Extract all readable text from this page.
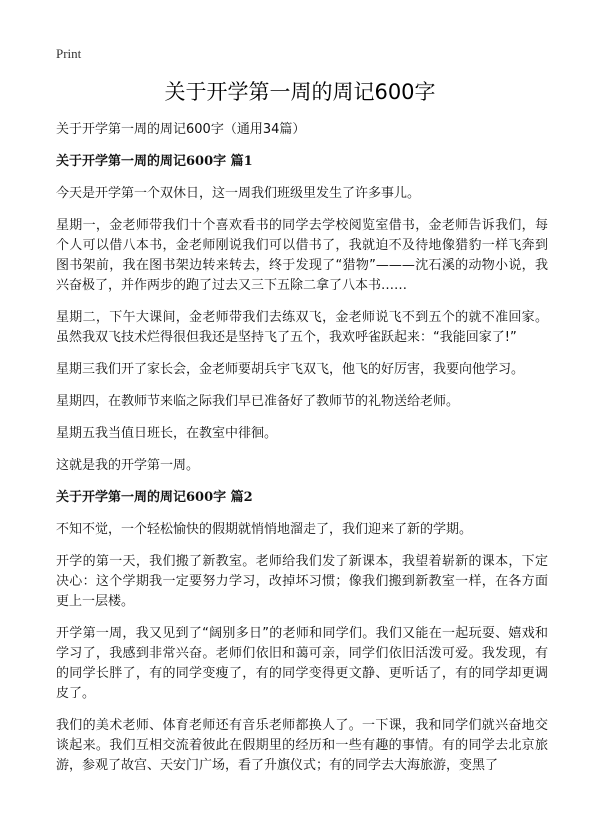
Print
关于开学第一周的周记600字

关于开学第一周的周记600字（通用34篇）

关于开学第一周的周记600字 篇1

今天是开学第一个双休日，这一周我们班级里发生了许多事儿。

星期一，金老师带我们十个喜欢看书的同学去学校阅览室借书，金老师告诉我们，每个人可以借八本书，金老师刚说我们可以借书了，我就迫不及待地像猎豹一样飞奔到图书架前，我在图书架边转来转去，终于发现了“猎物”———沈石溪的动物小说，我兴奋极了，并作两步的跑了过去又三下五除二拿了八本书……

星期二，下午大课间，金老师带我们去练双飞，金老师说飞不到五个的就不准回家。虽然我双飞技术烂得很但我还是坚持飞了五个，我欢呼雀跃起来：“我能回家了!”

星期三我们开了家长会，金老师要胡兵宇飞双飞，他飞的好厉害，我要向他学习。

星期四，在教师节来临之际我们早已准备好了教师节的礼物送给老师。

星期五我当值日班长，在教室中徘徊。

这就是我的开学第一周。

关于开学第一周的周记600字 篇2

不知不觉，一个轻松愉快的假期就悄悄地溜走了，我们迎来了新的学期。

开学的第一天，我们搬了新教室。老师给我们发了新课本，我望着崭新的课本，下定决心：这个学期我一定要努力学习，改掉坏习惯；像我们搬到新教室一样，在各方面更上一层楼。

开学第一周，我又见到了“阔别多日”的老师和同学们。我们又能在一起玩耍、嬉戏和学习了，我感到非常兴奋。老师们依旧和蔼可亲，同学们依旧活泼可爱。我发现，有的同学长胖了，有的同学变瘦了，有的同学变得更文静、更听话了，有的同学却更调皮了。

我们的美术老师、体育老师还有音乐老师都换人了。一下课，我和同学们就兴奋地交谈起来。我们互相交流着彼此在假期里的经历和一些有趣的事情。有的同学去北京旅游，参观了故宫、天安门广场，看了升旗仪式；有的同学去大海旅游，变黑了
